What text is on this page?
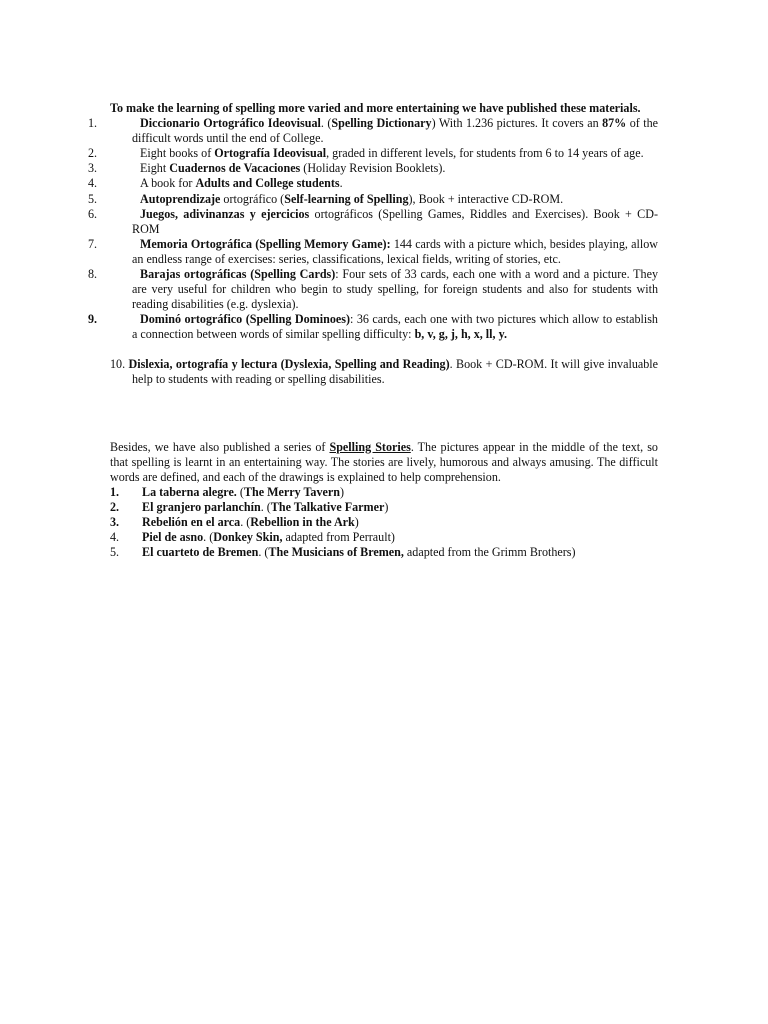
To make the learning of spelling more varied and more entertaining we have published these materials.

1.	Diccionario Ortográfico Ideovisual. (Spelling Dictionary) With 1.236 pictures. It covers an 87% of the difficult words until the end of College.
2.	Eight books of Ortografía Ideovisual, graded in different levels, for students from 6 to 14 years of age.
3.	Eight Cuadernos de Vacaciones (Holiday Revision Booklets).
4.	A book for Adults and College students.
5.	Autoprendizaje ortográfico (Self-learning of Spelling), Book + interactive CD-ROM.
6.	Juegos, adivinanzas y ejercicios ortográficos (Spelling Games, Riddles and Exercises). Book + CD-ROM
7.	Memoria Ortográfica (Spelling Memory Game): 144 cards with a picture which, besides playing, allow an endless range of exercises: series, classifications, lexical fields, writing of stories, etc.
8.	Barajas ortográficas (Spelling Cards): Four sets of 33 cards, each one with a word and a picture. They are very useful for children who begin to study spelling, for foreign students and also for students with reading disabilities (e.g. dyslexia).
9.	Dominó ortográfico (Spelling Dominoes): 36 cards, each one with two pictures which allow to establish a connection between words of similar spelling difficulty: b, v, g, j, h, x, ll, y.
10. Dislexia, ortografía y lectura (Dyslexia, Spelling and Reading). Book + CD-ROM. It will give invaluable help to students with reading or spelling disabilities.

Besides, we have also published a series of Spelling Stories. The pictures appear in the middle of the text, so that spelling is learnt in an entertaining way. The stories are lively, humorous and always amusing. The difficult words are defined, and each of the drawings is explained to help comprehension.

1.	La taberna alegre. (The Merry Tavern)
2.	El granjero parlanchín. (The Talkative Farmer)
3.	Rebelión en el arca. (Rebellion in the Ark)
4.	Piel de asno. (Donkey Skin, adapted from Perrault)
5.	El cuarteto de Bremen. (The Musicians of Bremen, adapted from the Grimm Brothers)
